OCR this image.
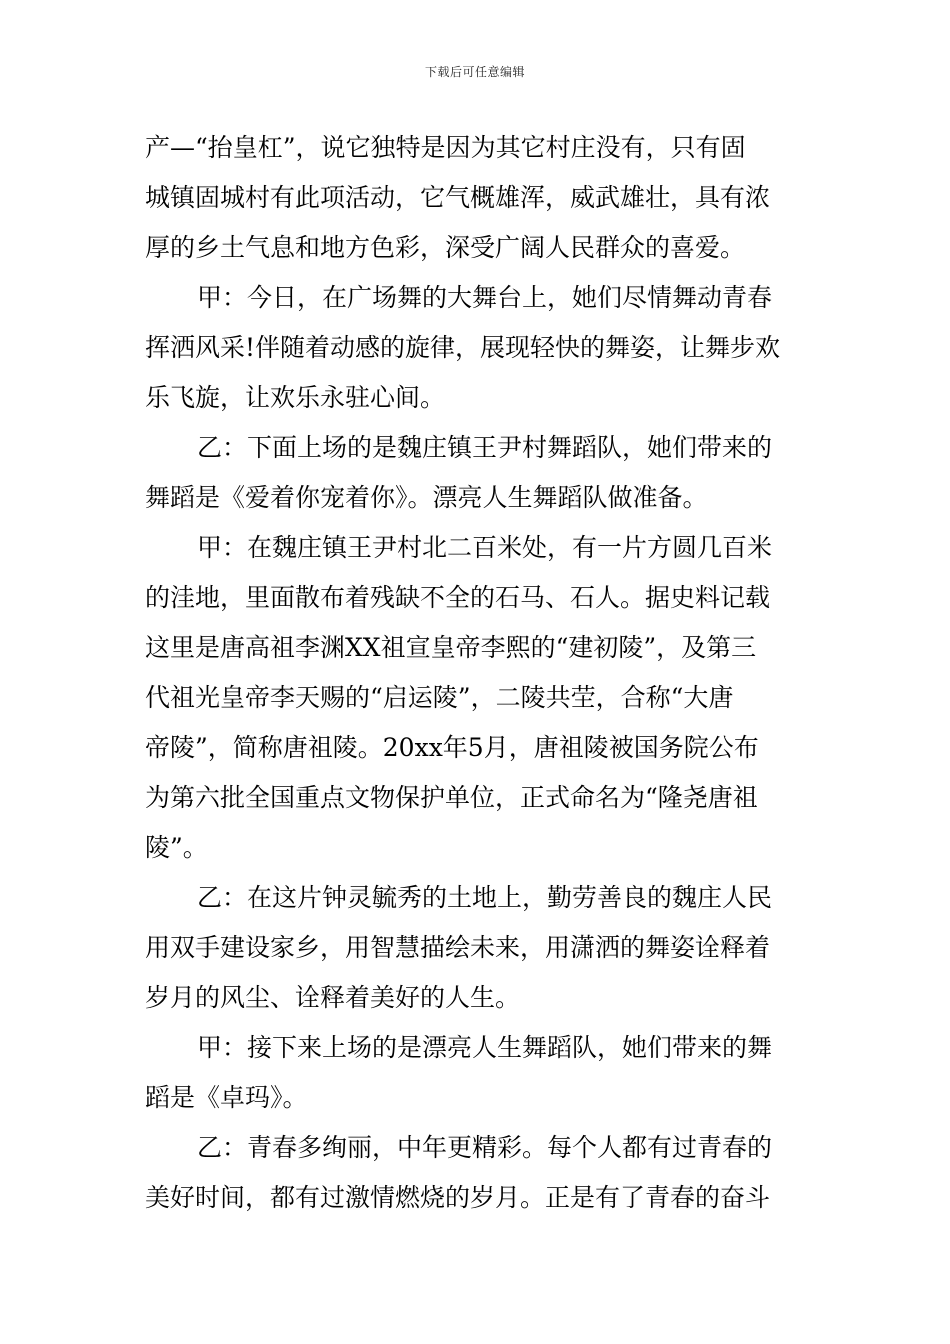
下载后可任意编辑
产—“抬皇杠”，说它独特是因为其它村庄没有，只有固
城镇固城村有此项活动，它气概雄浑，威武雄壮，具有浓
厚的乡土气息和地方色彩，深受广阔人民群众的喜爱。
甲：今日，在广场舞的大舞台上，她们尽情舞动青春
挥洒风采!伴随着动感的旋律，展现轻快的舞姿，让舞步欢
乐飞旋，让欢乐永驻心间。
乙：下面上场的是魏庄镇王尹村舞蹈队，她们带来的
舞蹈是《爱着你宠着你》。漂亮人生舞蹈队做准备。
甲：在魏庄镇王尹村北二百米处，有一片方圆几百米
的洼地，里面散布着残缺不全的石马、石人。据史料记载
这里是唐高祖李渊XX祖宣皇帝李熙的“建初陵”，及第三
代祖光皇帝李天赐的“启运陵”，二陵共茔，合称“大唐
帝陵”，简称唐祖陵。20xx年5月，唐祖陵被国务院公布
为第六批全国重点文物保护单位，正式命名为“隆尧唐祖
陵”。
乙：在这片钟灵毓秀的土地上，勤劳善良的魏庄人民
用双手建设家乡，用智慧描绘未来，用潇洒的舞姿诠释着
岁月的风尘、诠释着美好的人生。
甲：接下来上场的是漂亮人生舞蹈队，她们带来的舞
蹈是《卓玛》。
乙：青春多绚丽，中年更精彩。每个人都有过青春的
美好时间，都有过激情燃烧的岁月。正是有了青春的奋斗
